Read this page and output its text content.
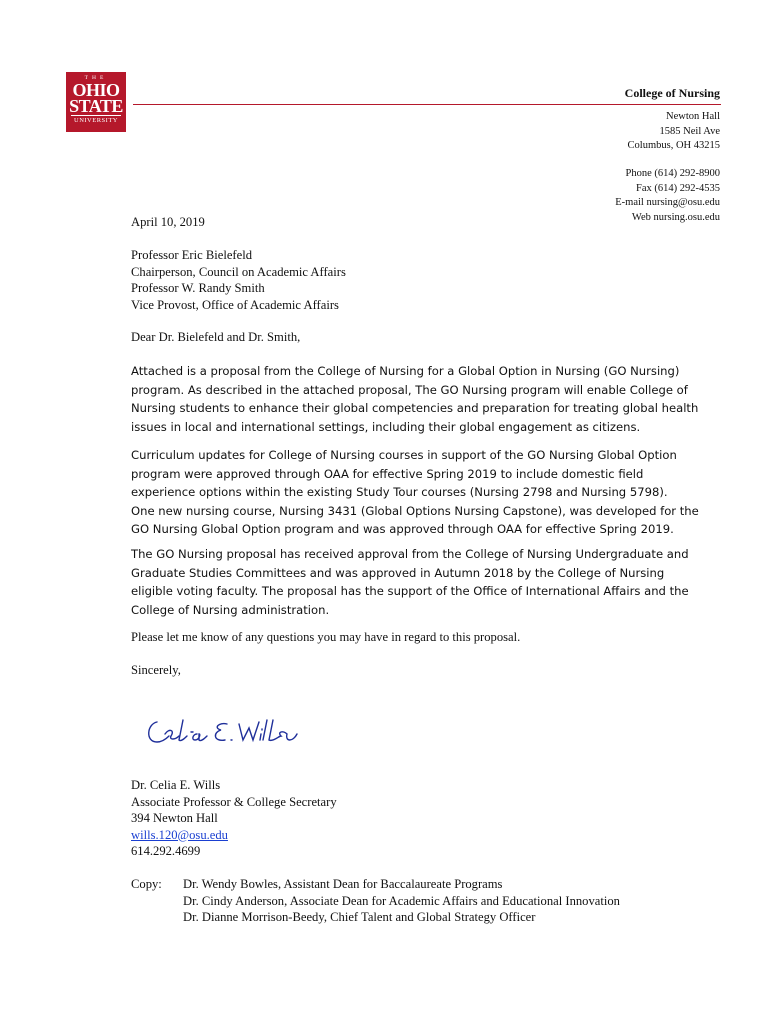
THE
OHIO
STATE
UNIVERSITY
College of Nursing
Newton Hall
1585 Neil Ave
Columbus, OH 43215
Phone (614) 292-8900
Fax (614) 292-4535
E-mail nursing@osu.edu
Web nursing.osu.edu
April 10, 2019
Professor Eric Bielefeld
Chairperson, Council on Academic Affairs
Professor W. Randy Smith
Vice Provost, Office of Academic Affairs
Dear Dr. Bielefeld and Dr. Smith,
Attached is a proposal from the College of Nursing for a Global Option in Nursing (GO Nursing)
program. As described in the attached proposal, The GO Nursing program will enable College of
Nursing students to enhance their global competencies and preparation for treating global health
issues in local and international settings, including their global engagement as citizens.
Curriculum updates for College of Nursing courses in support of the GO Nursing Global Option
program were approved through OAA for effective Spring 2019 to include domestic field
experience options within the existing Study Tour courses (Nursing 2798 and Nursing 5798).
One new nursing course, Nursing 3431 (Global Options Nursing Capstone), was developed for the
GO Nursing Global Option program and was approved through OAA for effective Spring 2019.
The GO Nursing proposal has received approval from the College of Nursing Undergraduate and
Graduate Studies Committees and was approved in Autumn 2018 by the College of Nursing
eligible voting faculty. The proposal has the support of the Office of International Affairs and the
College of Nursing administration.
Please let me know of any questions you may have in regard to this proposal.
Sincerely,
Dr. Celia E. Wills
Associate Professor & College Secretary
394 Newton Hall
wills.120@osu.edu
614.292.4699
Copy:	Dr. Wendy Bowles, Assistant Dean for Baccalaureate Programs
Dr. Cindy Anderson, Associate Dean for Academic Affairs and Educational Innovation
Dr. Dianne Morrison-Beedy, Chief Talent and Global Strategy Officer
